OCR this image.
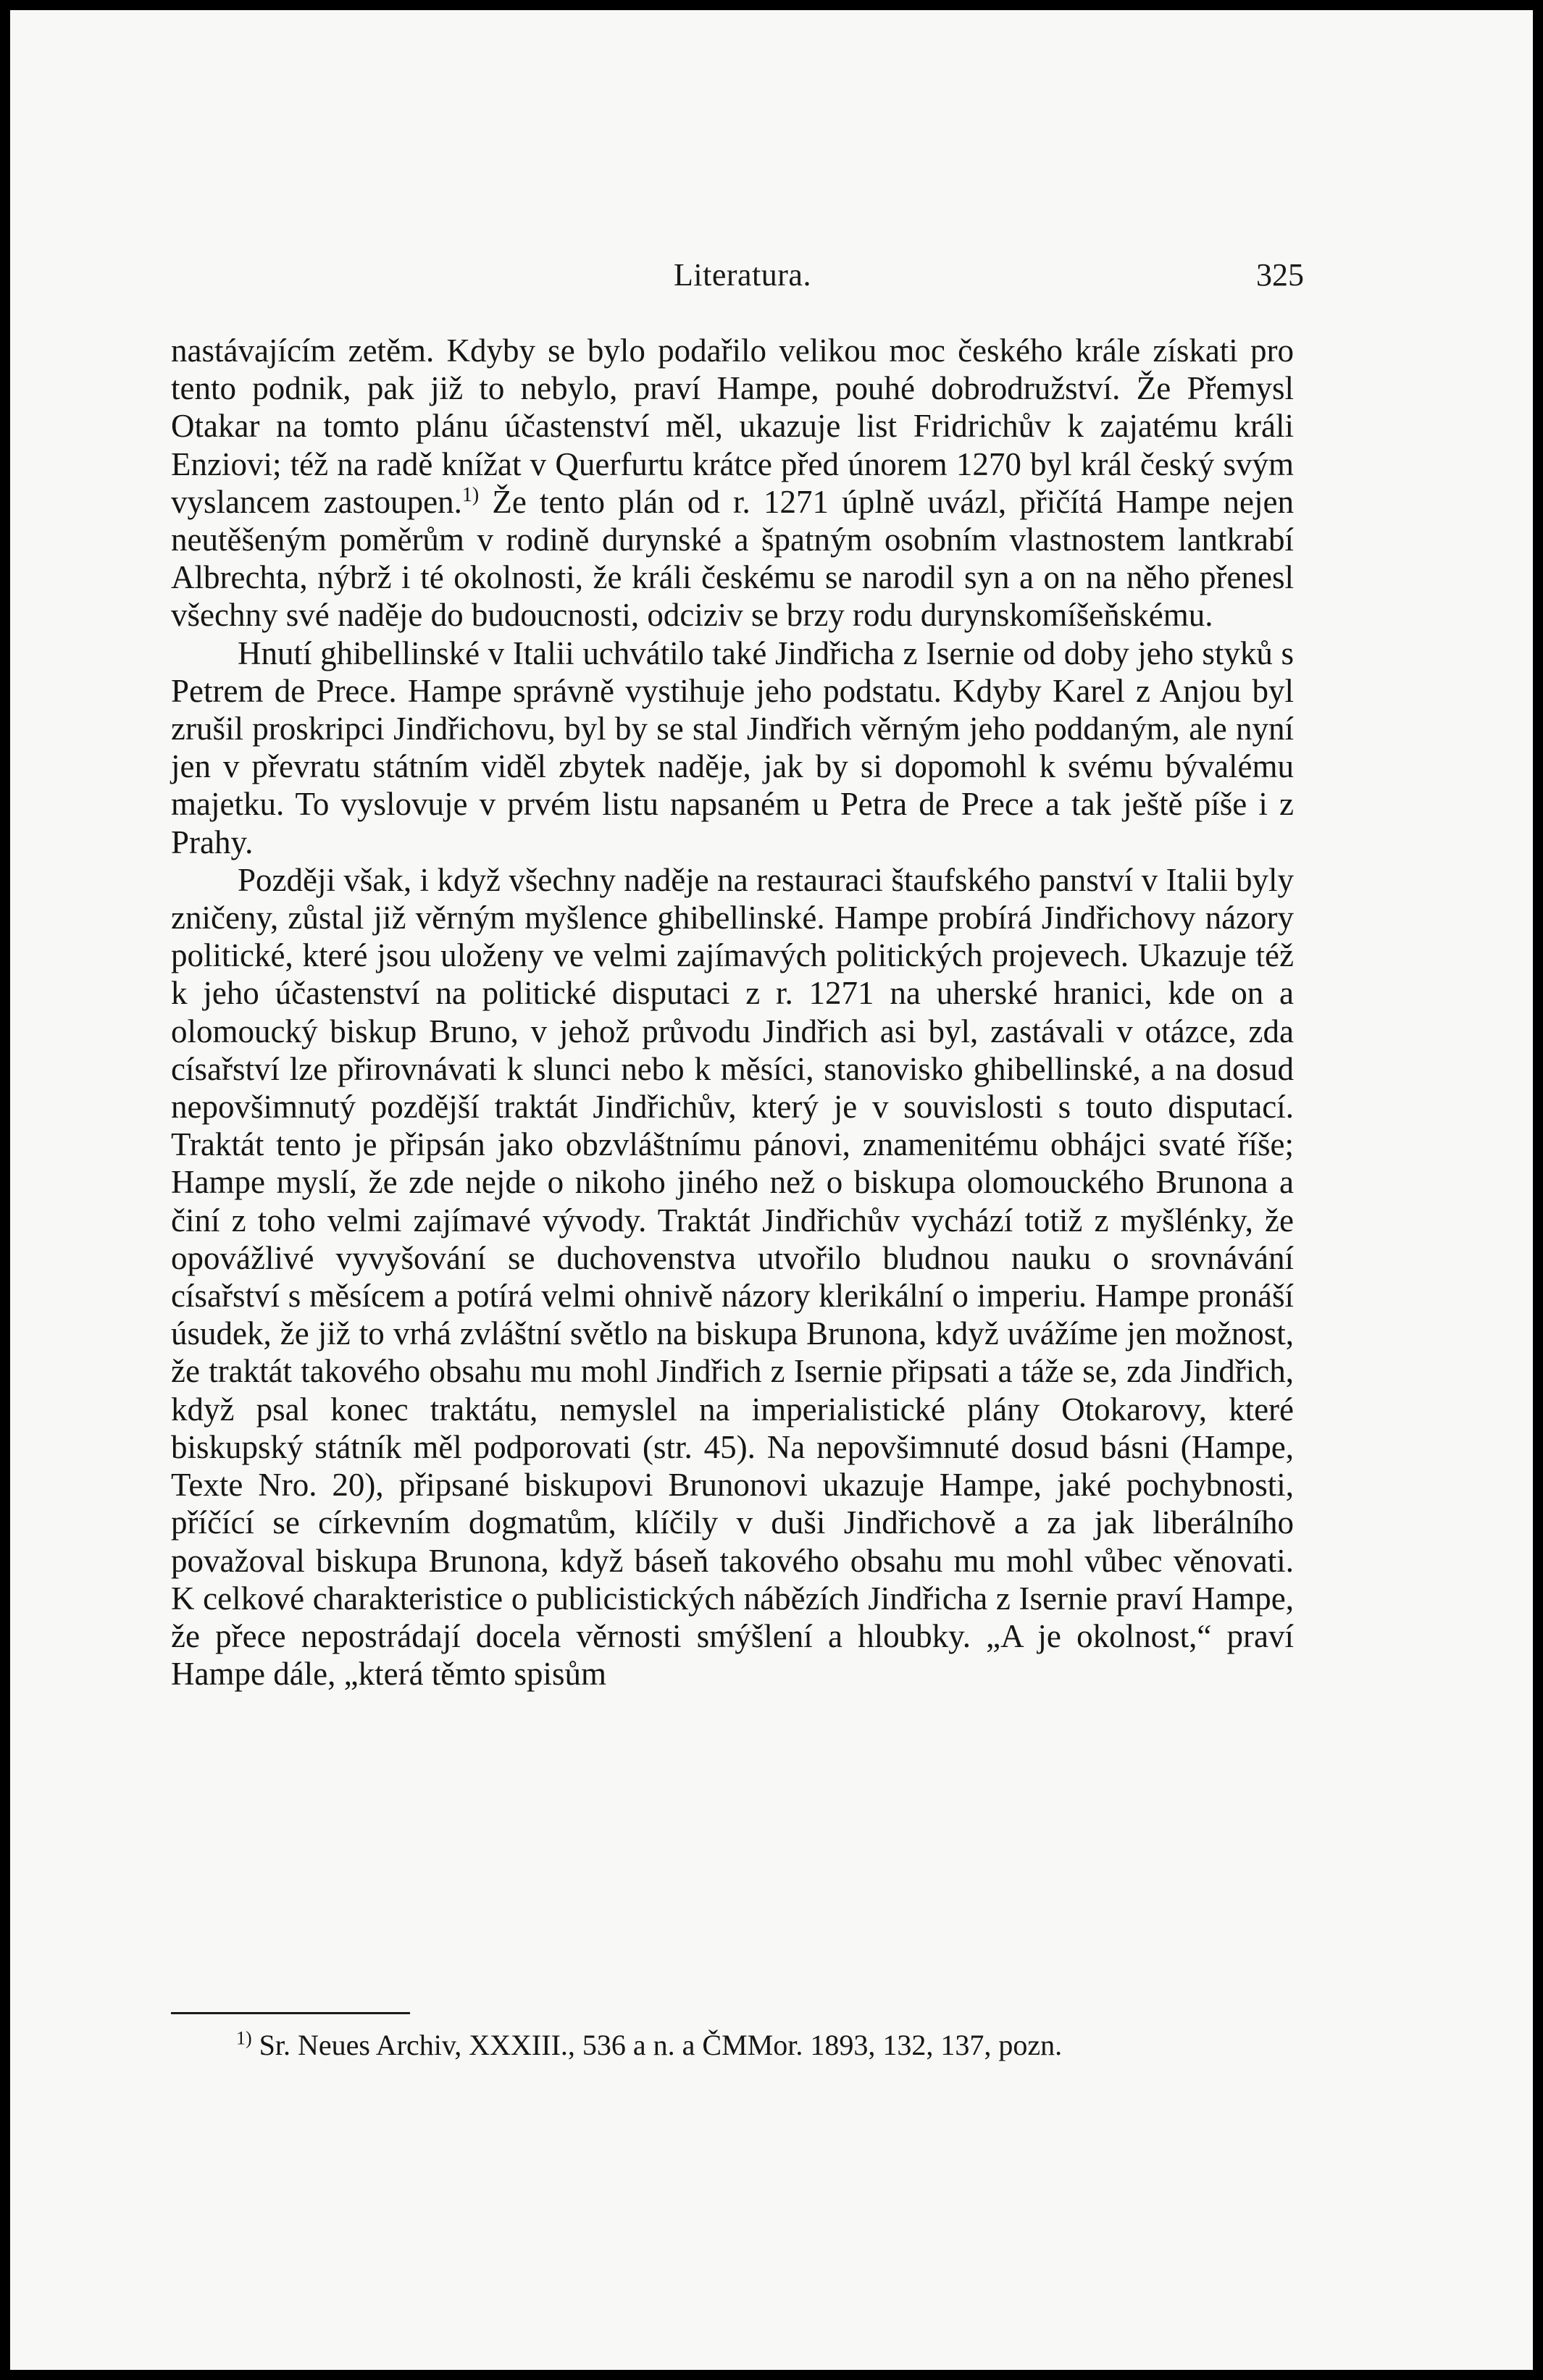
Literatura.	325

nastávajícím zetěm. Kdyby se bylo podařilo velikou moc českého krále získati pro tento podnik, pak již to nebylo, praví Hampe, pouhé dobrodružství. Že Přemysl Otakar na tomto plánu účastenství měl, ukazuje list Fridrichův k zajatému králi Enziovi; též na radě knížat v Querfurtu krátce před únorem 1270 byl král český svým vyslancem zastoupen.$^{1)}$ Že tento plán od r. 1271 úplně uvázl, přičítá Hampe nejen neutěšeným poměrům v rodině durynské a špatným osobním vlastnostem lantkrabí Albrechta, nýbrž i té okolnosti, že králi českému se narodil syn a on na něho přenesl všechny své naděje do budoucnosti, odciziv se brzy rodu durynskomíšeňskému.

Hnutí ghibellinské v Italii uchvátilo také Jindřicha z Isernie od doby jeho styků s Petrem de Prece. Hampe správně vystihuje jeho podstatu. Kdyby Karel z Anjou byl zrušil proskripci Jindřichovu, byl by se stal Jindřich věrným jeho poddaným, ale nyní jen v převratu státním viděl zbytek naděje, jak by si dopomohl k svému bývalému majetku. To vyslovuje v prvém listu napsaném u Petra de Prece a tak ještě píše i z Prahy.

Později však, i když všechny naděje na restauraci štaufského panství v Italii byly zničeny, zůstal již věrným myšlence ghibellinské. Hampe probírá Jindřichovy názory politické, které jsou uloženy ve velmi zajímavých politických projevech. Ukazuje též k jeho účastenství na politické disputaci z r. 1271 na uherské hranici, kde on a olomoucký biskup Bruno, v jehož průvodu Jindřich asi byl, zastávali v otázce, zda císařství lze přirovnávati k slunci nebo k měsíci, stanovisko ghibellinské, a na dosud nepovšimnutý pozdější traktát Jindřichův, který je v souvislosti s touto disputací. Traktát tento je připsán jako obzvláštnímu pánovi, znamenitému obhájci svaté říše; Hampe myslí, že zde nejde o nikoho jiného než o biskupa olomouckého Brunona a činí z toho velmi zajímavé vývody. Traktát Jindřichův vychází totiž z myšlénky, že opovážlivé vyvyšování se duchovenstva utvořilo bludnou nauku o srovnávání císařství s měsícem a potírá velmi ohnivě názory klerikální o imperiu. Hampe pronáší úsudek, že již to vrhá zvláštní světlo na biskupa Brunona, když uvážíme jen možnost, že traktát takového obsahu mu mohl Jindřich z Isernie připsati a táže se, zda Jindřich, když psal konec traktátu, nemyslel na imperialistické plány Otokarovy, které biskupský státník měl podporovati (str. 45). Na nepovšimnuté dosud básni (Hampe, Texte Nro. 20), připsané biskupovi Brunonovi ukazuje Hampe, jaké pochybnosti, příčící se církevním dogmatům, klíčily v duši Jindřichově a za jak liberálního považoval biskupa Brunona, když báseň takového obsahu mu mohl vůbec věnovati. K celkové charakteristice o publicistických nábězích Jindřicha z Isernie praví Hampe, že přece nepostrádají docela věrnosti smýšlení a hloubky. „A je okolnost,“ praví Hampe dále, „která těmto spisům

$^{1)}$ Sr. Neues Archiv, XXXIII., 536 a n. a ČMMor. 1893, 132, 137, pozn.
